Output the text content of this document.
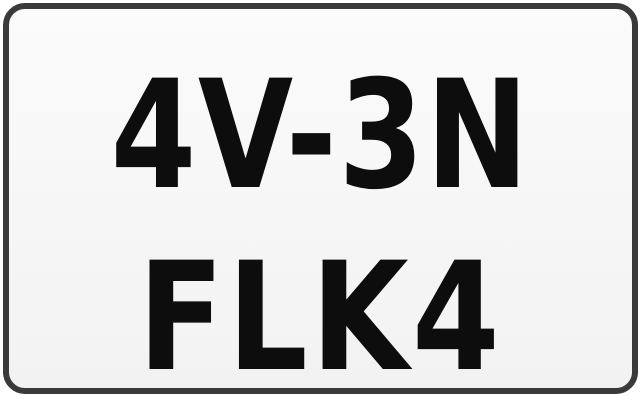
4V-3N
FLK4
